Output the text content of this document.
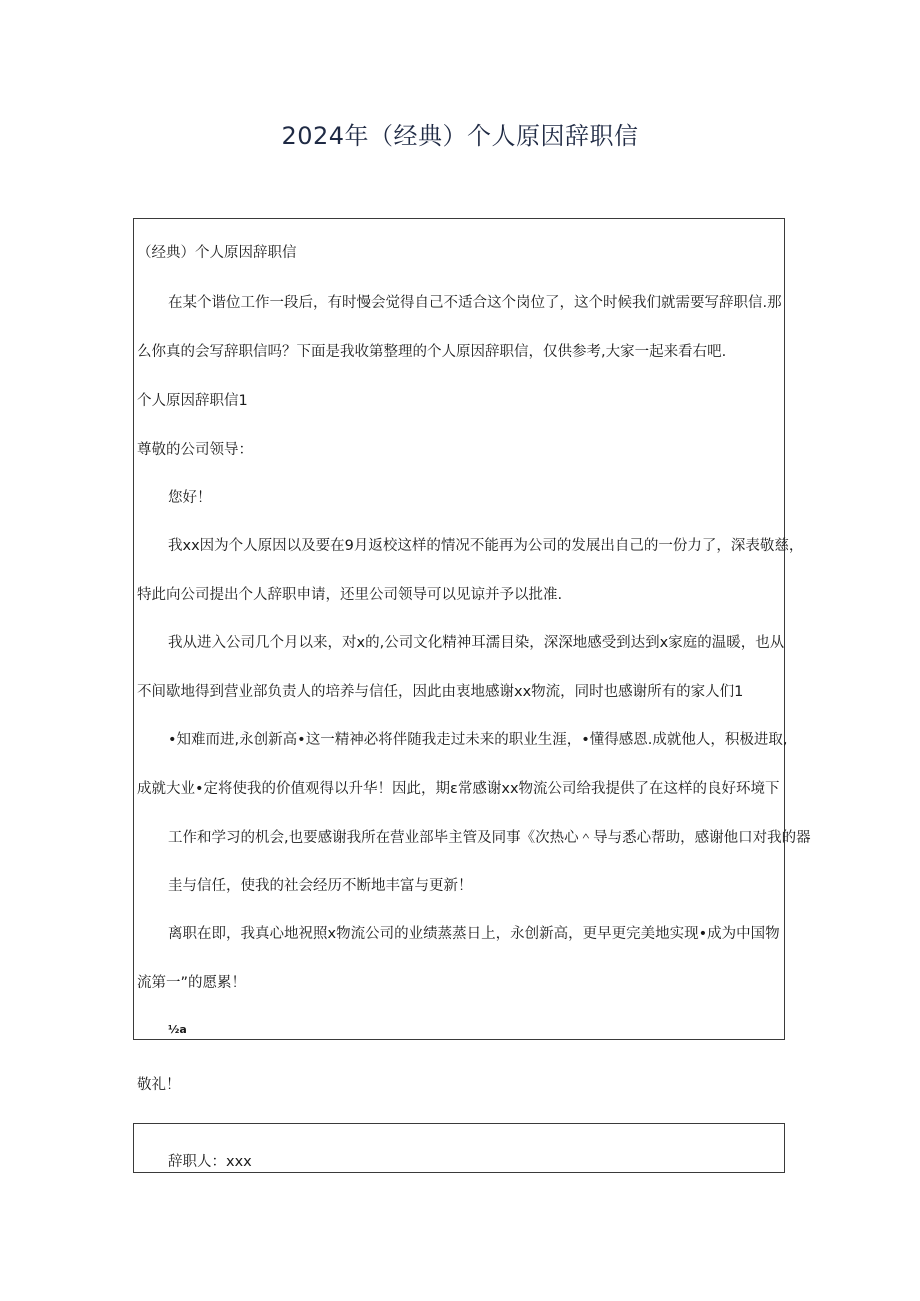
2024年（经典）个人原因辞职信
（经典）个人原因辞职信
在某个谐位工作一段后，有时慢会觉得自己不适合这个岗位了，这个时候我们就需要写辞职信.那
么你真的会写辞职信吗？下面是我收第整理的个人原因辞职信，仅供参考,大家一起来看右吧.
个人原因辞职信1
尊敬的公司领导：
您好！
我xx因为个人原因以及要在9月返校这样的情况不能再为公司的发展出自己的一份力了，深表敬慈，
特此向公司提出个人辞职申请，还里公司领导可以见谅并予以批准.
我从进入公司几个月以来，对x的,公司文化精神耳濡目染，深深地感受到达到x家庭的温暖，也从
不间歇地得到营业部负责人的培养与信任，因此由衷地感谢xx物流，同时也感谢所有的家人们1
•知难而进,永创新高•这一精神必将伴随我走过未来的职业生涯，•懂得感恩.成就他人，积极进取,
成就大业•定将使我的价值观得以升华！因此，期ε常感谢xx物流公司给我提供了在这样的良好环境下
工作和学习的机会,也要感谢我所在营业部毕主管及同事《次热心＾导与悉心帮助，感谢他口对我的器
圭与信任，使我的社会经历不断地丰富与更新！
离职在即，我真心地祝照x物流公司的业绩蒸蒸日上，永创新高，更早更完美地实现•成为中国物
流第一”的愿累！
½a
敬礼！
辞职人：xxx
